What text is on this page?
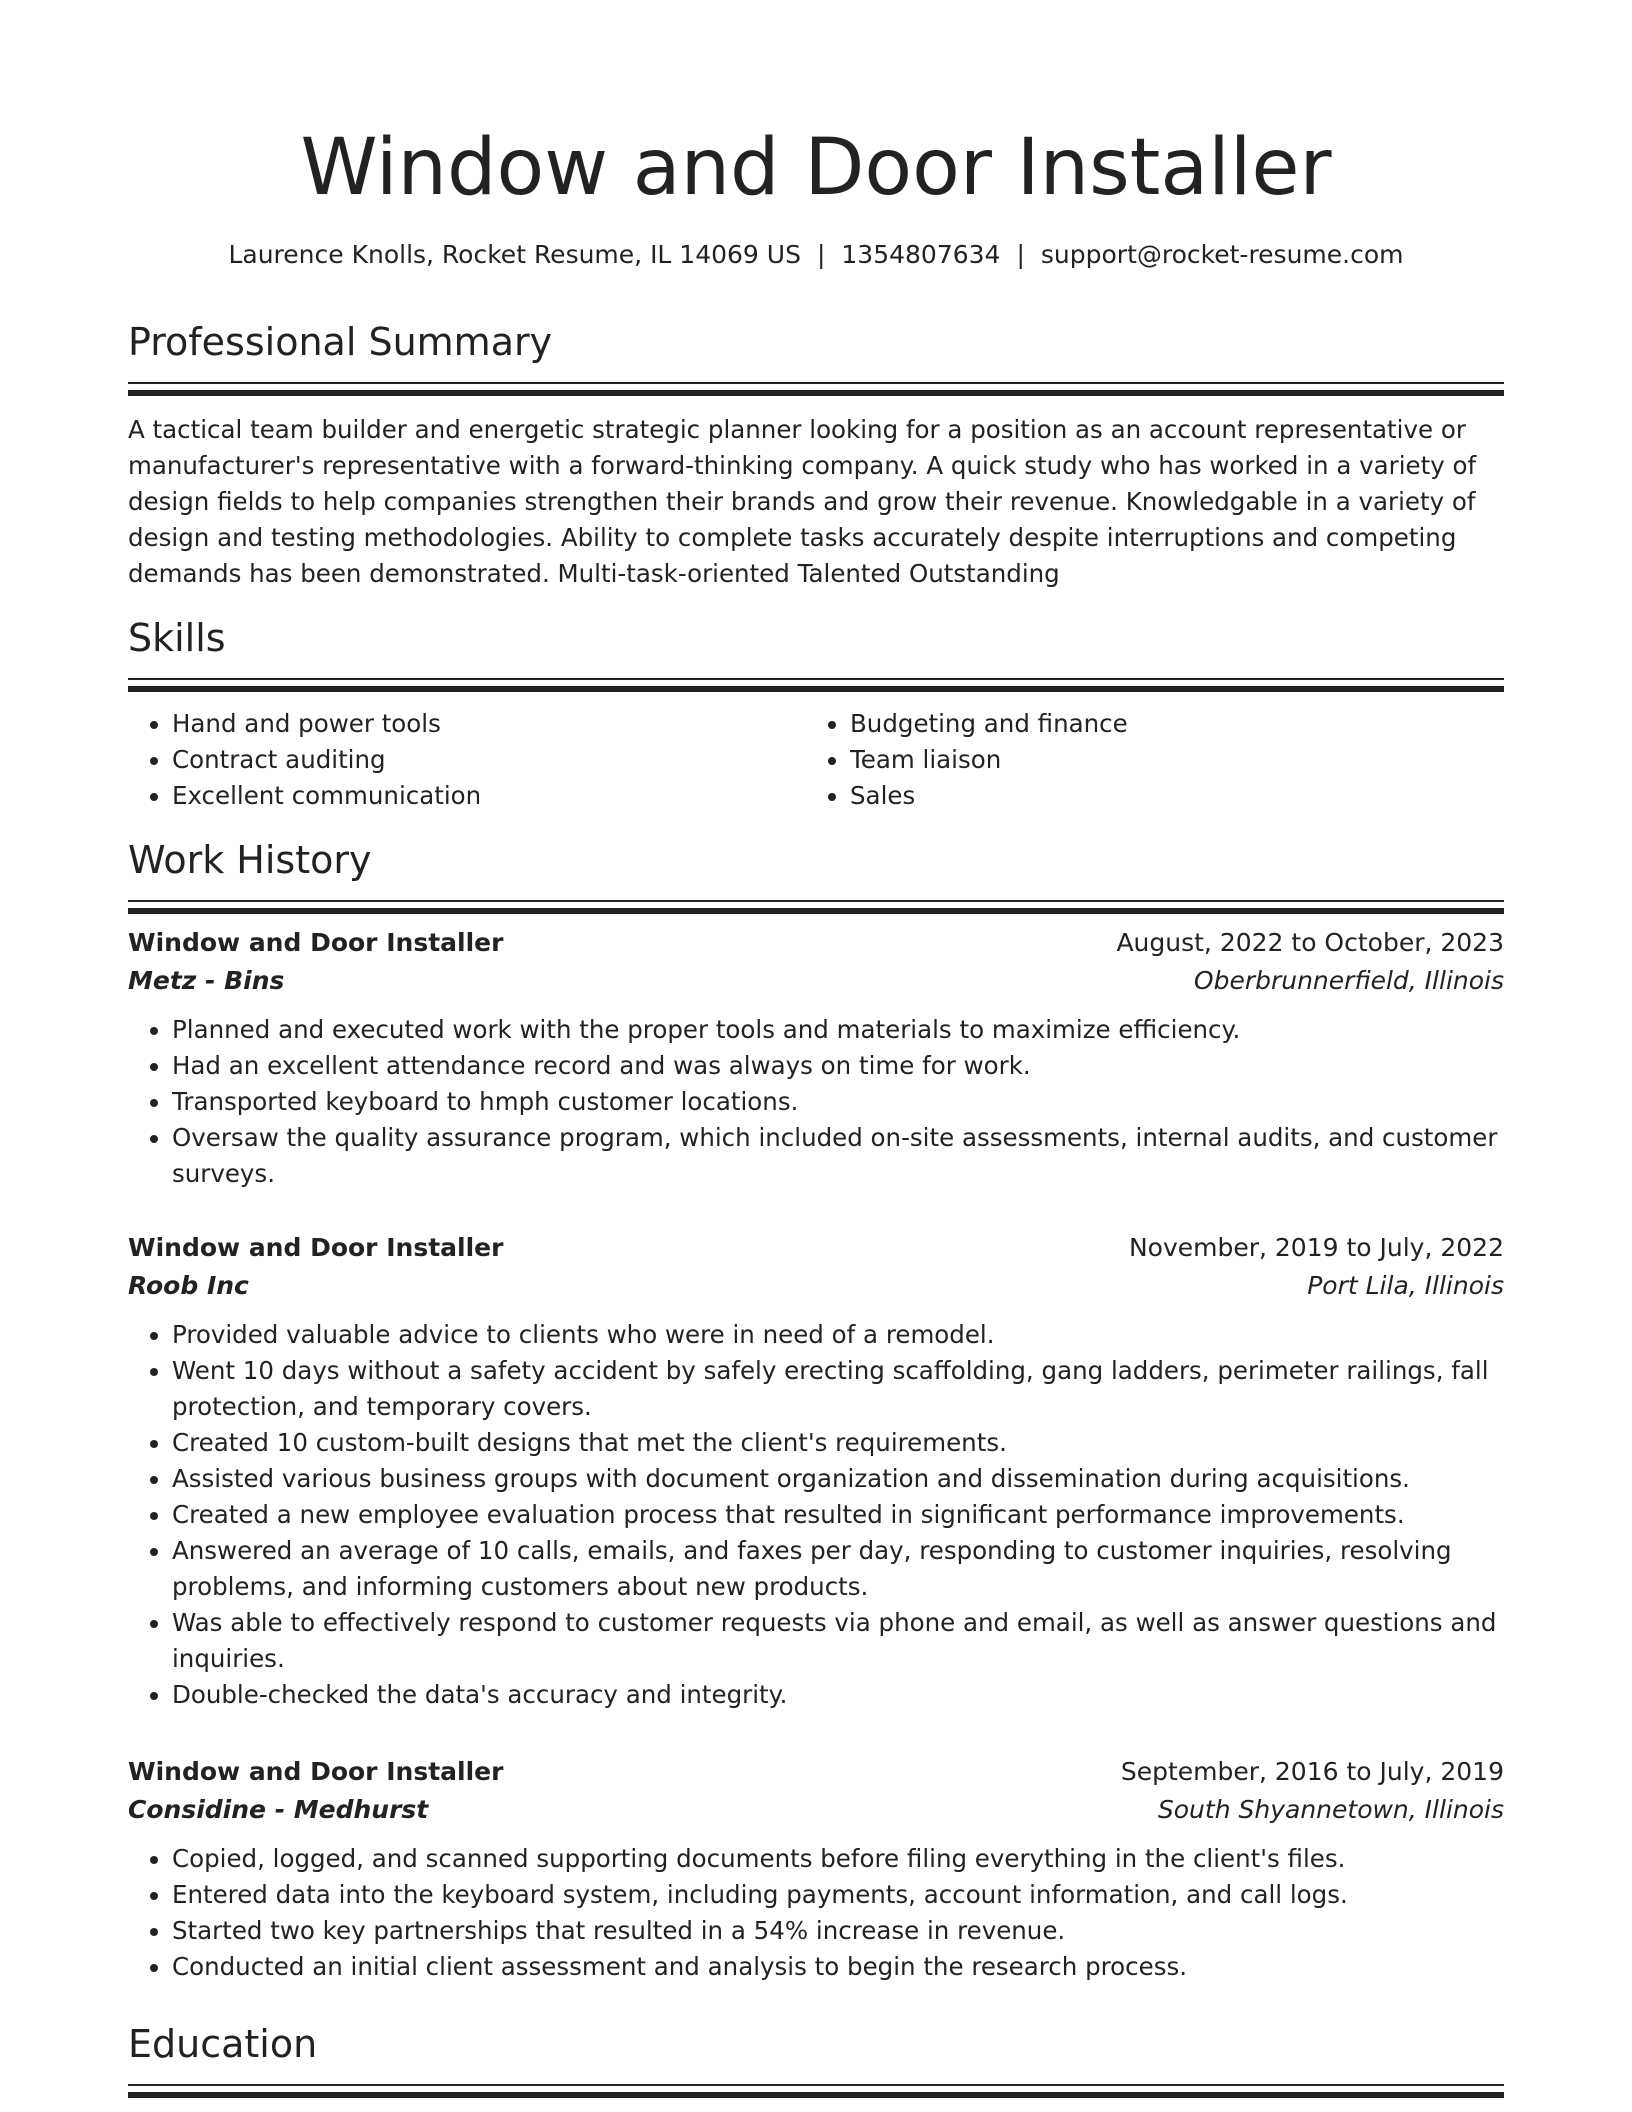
Window and Door Installer
Laurence Knolls, Rocket Resume, IL 14069 US | 1354807634 | support@rocket-resume.com
Professional Summary
A tactical team builder and energetic strategic planner looking for a position as an account representative or manufacturer's representative with a forward-thinking company. A quick study who has worked in a variety of design fields to help companies strengthen their brands and grow their revenue. Knowledgable in a variety of design and testing methodologies. Ability to complete tasks accurately despite interruptions and competing demands has been demonstrated. Multi-task-oriented Talented Outstanding
Skills
• Hand and power tools
• Contract auditing
• Excellent communication
• Budgeting and finance
• Team liaison
• Sales
Work History
Window and Door Installer	August, 2022 to October, 2023
Metz - Bins	Oberbrunnerfield, Illinois
• Planned and executed work with the proper tools and materials to maximize efficiency.
• Had an excellent attendance record and was always on time for work.
• Transported keyboard to hmph customer locations.
• Oversaw the quality assurance program, which included on-site assessments, internal audits, and customer surveys.
Window and Door Installer	November, 2019 to July, 2022
Roob Inc	Port Lila, Illinois
• Provided valuable advice to clients who were in need of a remodel.
• Went 10 days without a safety accident by safely erecting scaffolding, gang ladders, perimeter railings, fall protection, and temporary covers.
• Created 10 custom-built designs that met the client's requirements.
• Assisted various business groups with document organization and dissemination during acquisitions.
• Created a new employee evaluation process that resulted in significant performance improvements.
• Answered an average of 10 calls, emails, and faxes per day, responding to customer inquiries, resolving problems, and informing customers about new products.
• Was able to effectively respond to customer requests via phone and email, as well as answer questions and inquiries.
• Double-checked the data's accuracy and integrity.
Window and Door Installer	September, 2016 to July, 2019
Considine - Medhurst	South Shyannetown, Illinois
• Copied, logged, and scanned supporting documents before filing everything in the client's files.
• Entered data into the keyboard system, including payments, account information, and call logs.
• Started two key partnerships that resulted in a 54% increase in revenue.
• Conducted an initial client assessment and analysis to begin the research process.
Education
